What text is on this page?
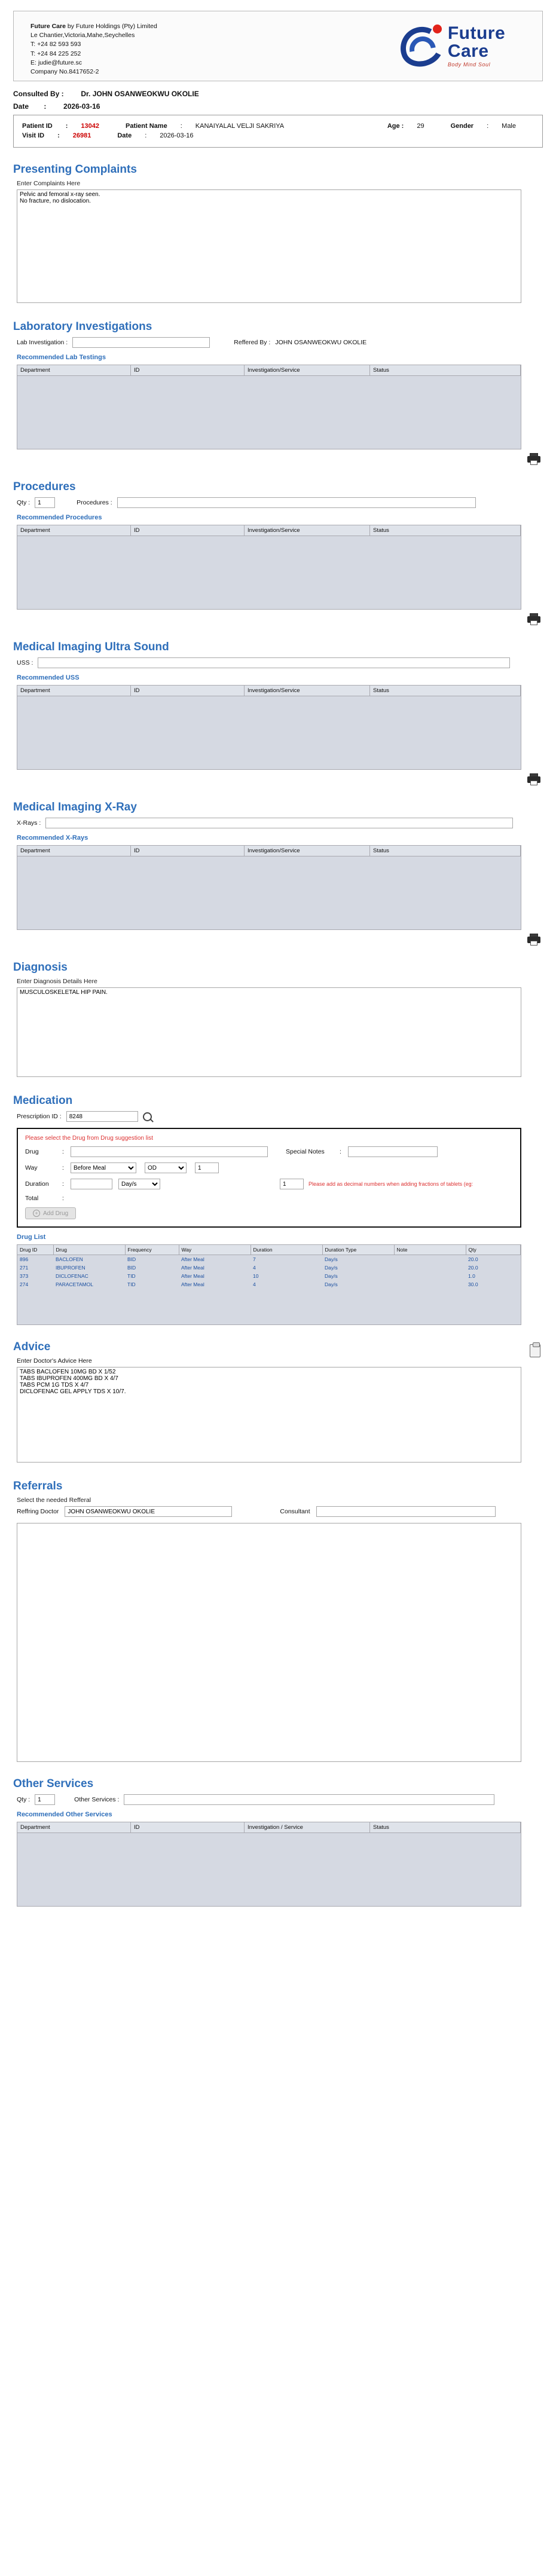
Future Care by Future Holdings (Pty) Limited
Le Chantier,Victoria,Mahe,Seychelles
T: +24 82 593 593
T: +24 84 225 252
E: judie@future.sc
Company No.8417652-2
Future
Care
Body Mind Soul
Consulted By : Dr. JOHN OSANWEOKWU OKOLIE
Date : 2026-03-16
Patient ID : 13042	Patient Name : KANAIYALAL VELJI SAKRIYA	Age : 29	Gender : Male
Visit ID : 26981	Date : 2026-03-16
Presenting Complaints
Enter Complaints Here
Pelvic and femoral x-ray seen. No fracture, no dislocation.
Laboratory Investigations
Lab Investigation :	Reffered By : JOHN OSANWEOKWU OKOLIE
Recommended Lab Testings
Department	ID	Investigation/Service	Status
Procedures
Qty :
1	Procedures :
Recommended Procedures
Department	ID	Investigation/Service	Status
Medical Imaging Ultra Sound
USS :
Recommended USS
Department	ID	Investigation/Service	Status
Medical Imaging X-Ray
X-Rays :
Recommended X-Rays
Department	ID	Investigation/Service	Status
Diagnosis
Enter Diagnosis Details Here
MUSCULOSKELETAL HIP PAIN.
Medication
Prescription ID :
8248
Please select the Drug from Drug suggestion list
Drug	:	Special Notes	:
Way	:
Before Meal
OD
1
Duration	:
Day/s
1	Please add as decimal numbers when adding fractions of tablets (eg:
Total	:
+ Add Drug
Drug List
Drug ID	Drug	Frequency	Way	Duration	Duration Type	Note	Qty
896	BACLOFEN	BID	After Meal	7	Day/s		20.0
271	IBUPROFEN	BID	After Meal	4	Day/s		20.0
373	DICLOFENAC	TID	After Meal	10	Day/s		1.0
274	PARACETAMOL	TID	After Meal	4	Day/s		30.0

Advice
Enter Doctor's Advice Here
TABS BACLOFEN 10MG BD X 1/52 TABS IBUPROFEN 400MG BD X 4/7 TABS PCM 1G TDS X 4/7 DICLOFENAC GEL APPLY TDS X 10/7.
Referrals
Select the needed Refferal
Reffring Doctor
JOHN OSANWEOKWU OKOLIE	Consultant
Other Services
Qty :
1	Other Services :
Recommended Other Services
Department	ID	Investigation / Service	Status
